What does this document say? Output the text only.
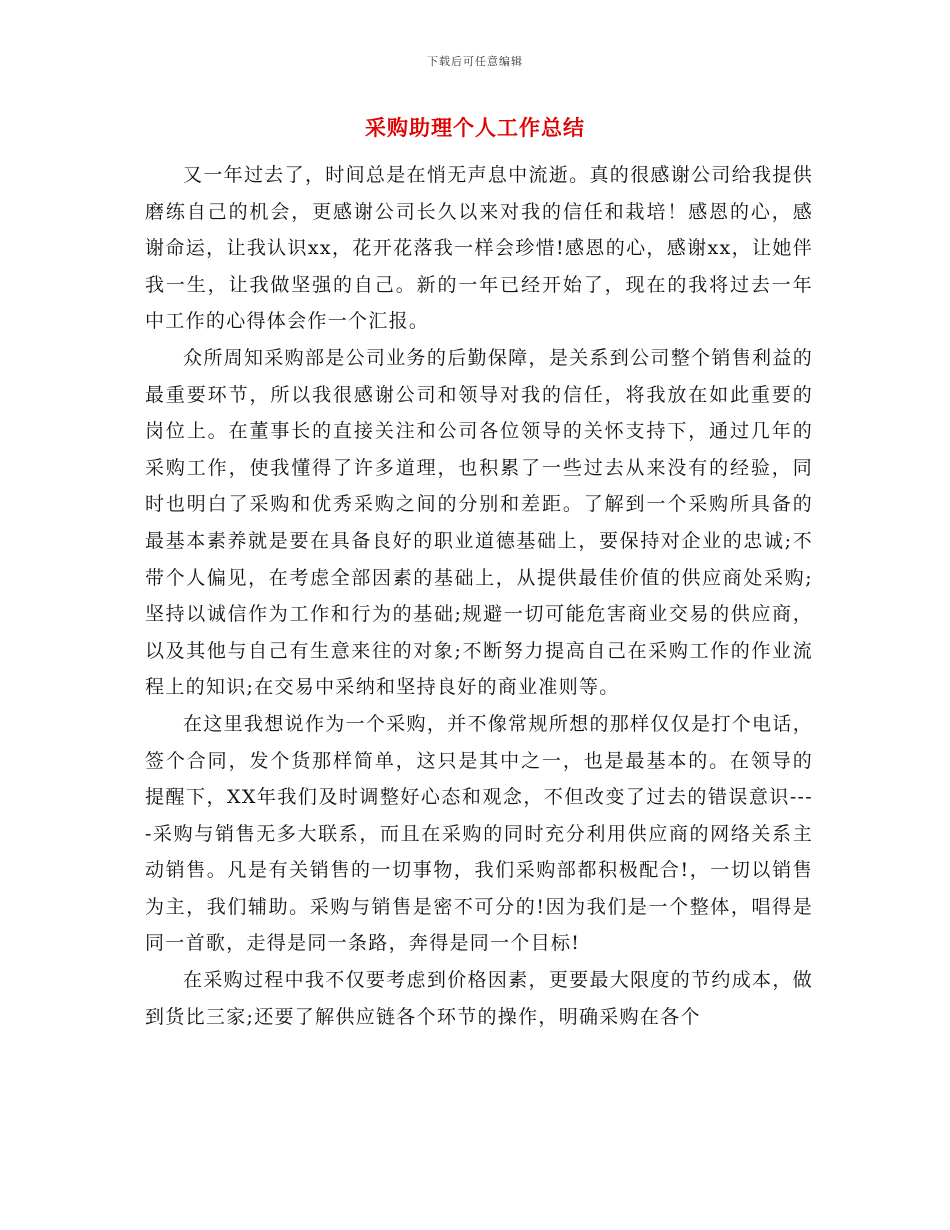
下载后可任意编辑
采购助理个人工作总结

又一年过去了，时间总是在悄无声息中流逝。真的很感谢公司给我提供磨练自己的机会，更感谢公司长久以来对我的信任和栽培！感恩的心，感谢命运，让我认识xx，花开花落我一样会珍惜!感恩的心，感谢xx，让她伴我一生，让我做坚强的自己。新的一年已经开始了，现在的我将过去一年中工作的心得体会作一个汇报。

众所周知采购部是公司业务的后勤保障，是关系到公司整个销售利益的最重要环节，所以我很感谢公司和领导对我的信任，将我放在如此重要的岗位上。在董事长的直接关注和公司各位领导的关怀支持下，通过几年的采购工作，使我懂得了许多道理，也积累了一些过去从来没有的经验，同时也明白了采购和优秀采购之间的分别和差距。了解到一个采购所具备的最基本素养就是要在具备良好的职业道德基础上，要保持对企业的忠诚;不带个人偏见，在考虑全部因素的基础上，从提供最佳价值的供应商处采购;坚持以诚信作为工作和行为的基础;规避一切可能危害商业交易的供应商，以及其他与自己有生意来往的对象;不断努力提高自己在采购工作的作业流程上的知识;在交易中采纳和坚持良好的商业准则等。

在这里我想说作为一个采购，并不像常规所想的那样仅仅是打个电话，签个合同，发个货那样简单，这只是其中之一，也是最基本的。在领导的提醒下，XX年我们及时调整好心态和观念，不但改变了过去的错误意识----采购与销售无多大联系，而且在采购的同时充分利用供应商的网络关系主动销售。凡是有关销售的一切事物，我们采购部都积极配合!，一切以销售为主，我们辅助。采购与销售是密不可分的!因为我们是一个整体，唱得是同一首歌，走得是同一条路，奔得是同一个目标!

在采购过程中我不仅要考虑到价格因素，更要最大限度的节约成本，做到货比三家;还要了解供应链各个环节的操作，明确采购在各个
